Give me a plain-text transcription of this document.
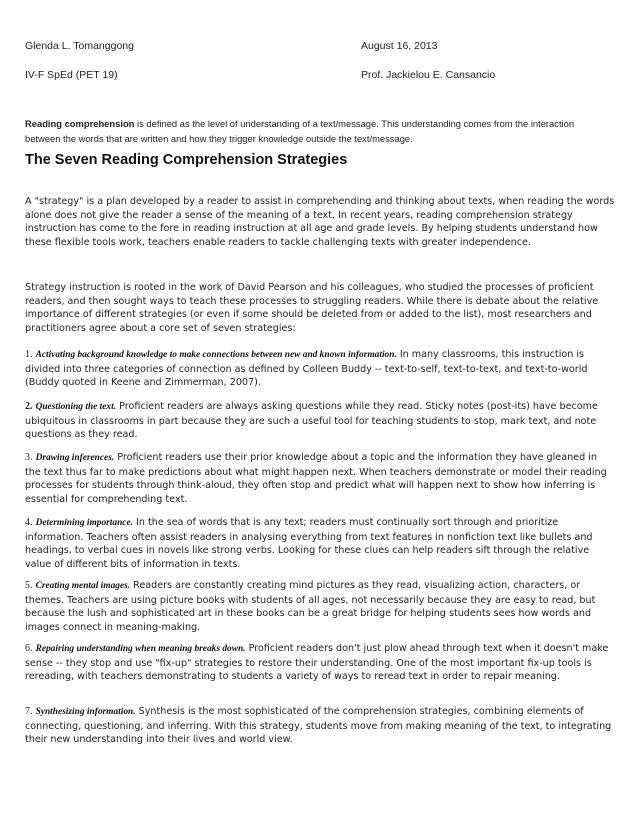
Glenda L. Tomanggong	August 16, 2013
IV-F SpEd (PET 19)	Prof. Jackielou E. Cansancio
Reading comprehension is defined as the level of understanding of a text/message. This understanding comes from the interaction between the words that are written and how they trigger knowledge outside the text/message.
The Seven Reading Comprehension Strategies
A "strategy" is a plan developed by a reader to assist in comprehending and thinking about texts, when reading the words alone does not give the reader a sense of the meaning of a text. In recent years, reading comprehension strategy instruction has come to the fore in reading instruction at all age and grade levels. By helping students understand how these flexible tools work, teachers enable readers to tackle challenging texts with greater independence.
Strategy instruction is rooted in the work of David Pearson and his colleagues, who studied the processes of proficient readers, and then sought ways to teach these processes to struggling readers. While there is debate about the relative importance of different strategies (or even if some should be deleted from or added to the list), most researchers and practitioners agree about a core set of seven strategies:
1. Activating background knowledge to make connections between new and known information. In many classrooms, this instruction is divided into three categories of connection as defined by Colleen Buddy -- text-to-self, text-to-text, and text-to-world (Buddy quoted in Keene and Zimmerman, 2007).
2. Questioning the text. Proficient readers are always asking questions while they read. Sticky notes (post-its) have become ubiquitous in classrooms in part because they are such a useful tool for teaching students to stop, mark text, and note questions as they read.
3. Drawing inferences. Proficient readers use their prior knowledge about a topic and the information they have gleaned in the text thus far to make predictions about what might happen next. When teachers demonstrate or model their reading processes for students through think-aloud, they often stop and predict what will happen next to show how inferring is essential for comprehending text.
4. Determining importance. In the sea of words that is any text; readers must continually sort through and prioritize information. Teachers often assist readers in analysing everything from text features in nonfiction text like bullets and headings, to verbal cues in novels like strong verbs. Looking for these clues can help readers sift through the relative value of different bits of information in texts.
5. Creating mental images. Readers are constantly creating mind pictures as they read, visualizing action, characters, or themes. Teachers are using picture books with students of all ages, not necessarily because they are easy to read, but because the lush and sophisticated art in these books can be a great bridge for helping students sees how words and images connect in meaning-making.
6. Repairing understanding when meaning breaks down. Proficient readers don't just plow ahead through text when it doesn't make sense -- they stop and use "fix-up" strategies to restore their understanding. One of the most important fix-up tools is rereading, with teachers demonstrating to students a variety of ways to reread text in order to repair meaning.
7. Synthesizing information. Synthesis is the most sophisticated of the comprehension strategies, combining elements of connecting, questioning, and inferring. With this strategy, students move from making meaning of the text, to integrating their new understanding into their lives and world view.
